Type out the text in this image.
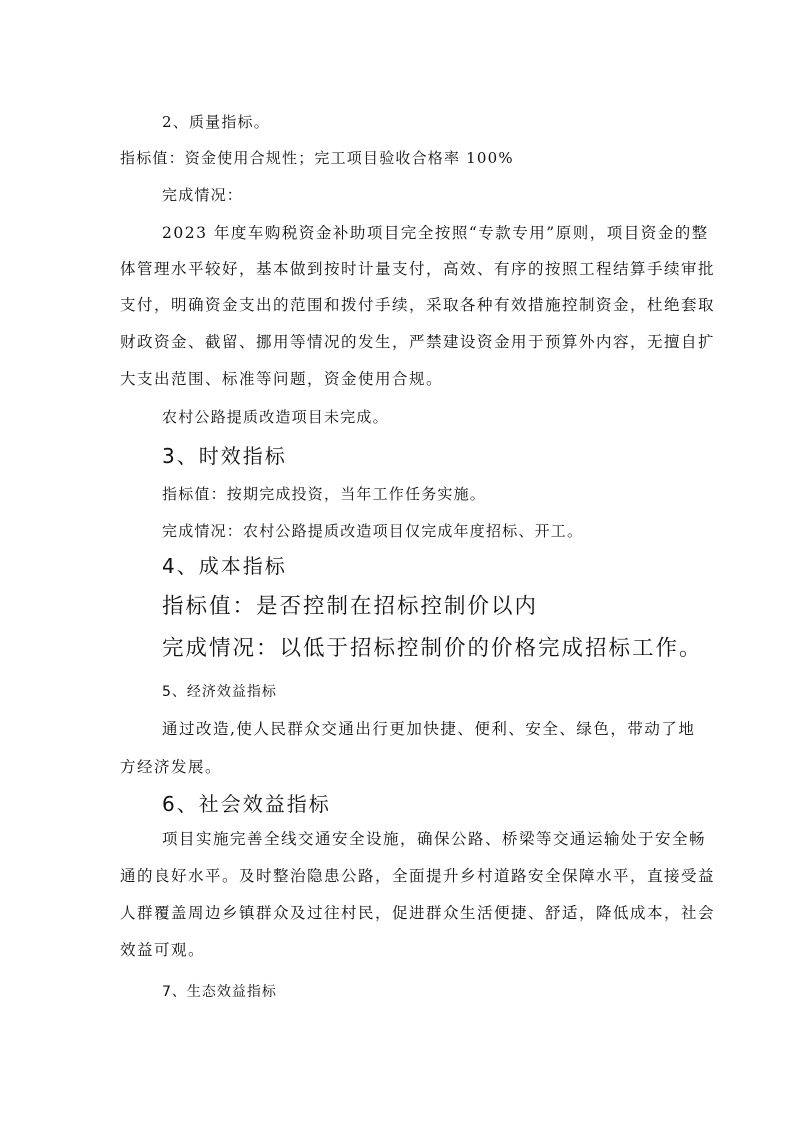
2、质量指标。

指标值：资金使用合规性；完工项目验收合格率 100%

完成情况：

2023 年度车购税资金补助项目完全按照“专款专用”原则，项目资金的整

体管理水平较好，基本做到按时计量支付，高效、有序的按照工程结算手续审批

支付，明确资金支出的范围和拨付手续，采取各种有效措施控制资金，杜绝套取

财政资金、截留、挪用等情况的发生，严禁建设资金用于预算外内容，无擅自扩

大支出范围、标准等问题，资金使用合规。

农村公路提质改造项目未完成。

3、时效指标

指标值：按期完成投资，当年工作任务实施。

完成情况：农村公路提质改造项目仅完成年度招标、开工。

4、成本指标

指标值：是否控制在招标控制价以内

完成情况：以低于招标控制价的价格完成招标工作。

5、经济效益指标

通过改造,使人民群众交通出行更加快捷、便利、安全、绿色，带动了地

方经济发展。

6、社会效益指标

项目实施完善全线交通安全设施，确保公路、桥梁等交通运输处于安全畅

通的良好水平。及时整治隐患公路，全面提升乡村道路安全保障水平，直接受益

人群覆盖周边乡镇群众及过往村民，促进群众生活便捷、舒适，降低成本，社会

效益可观。

7、生态效益指标
